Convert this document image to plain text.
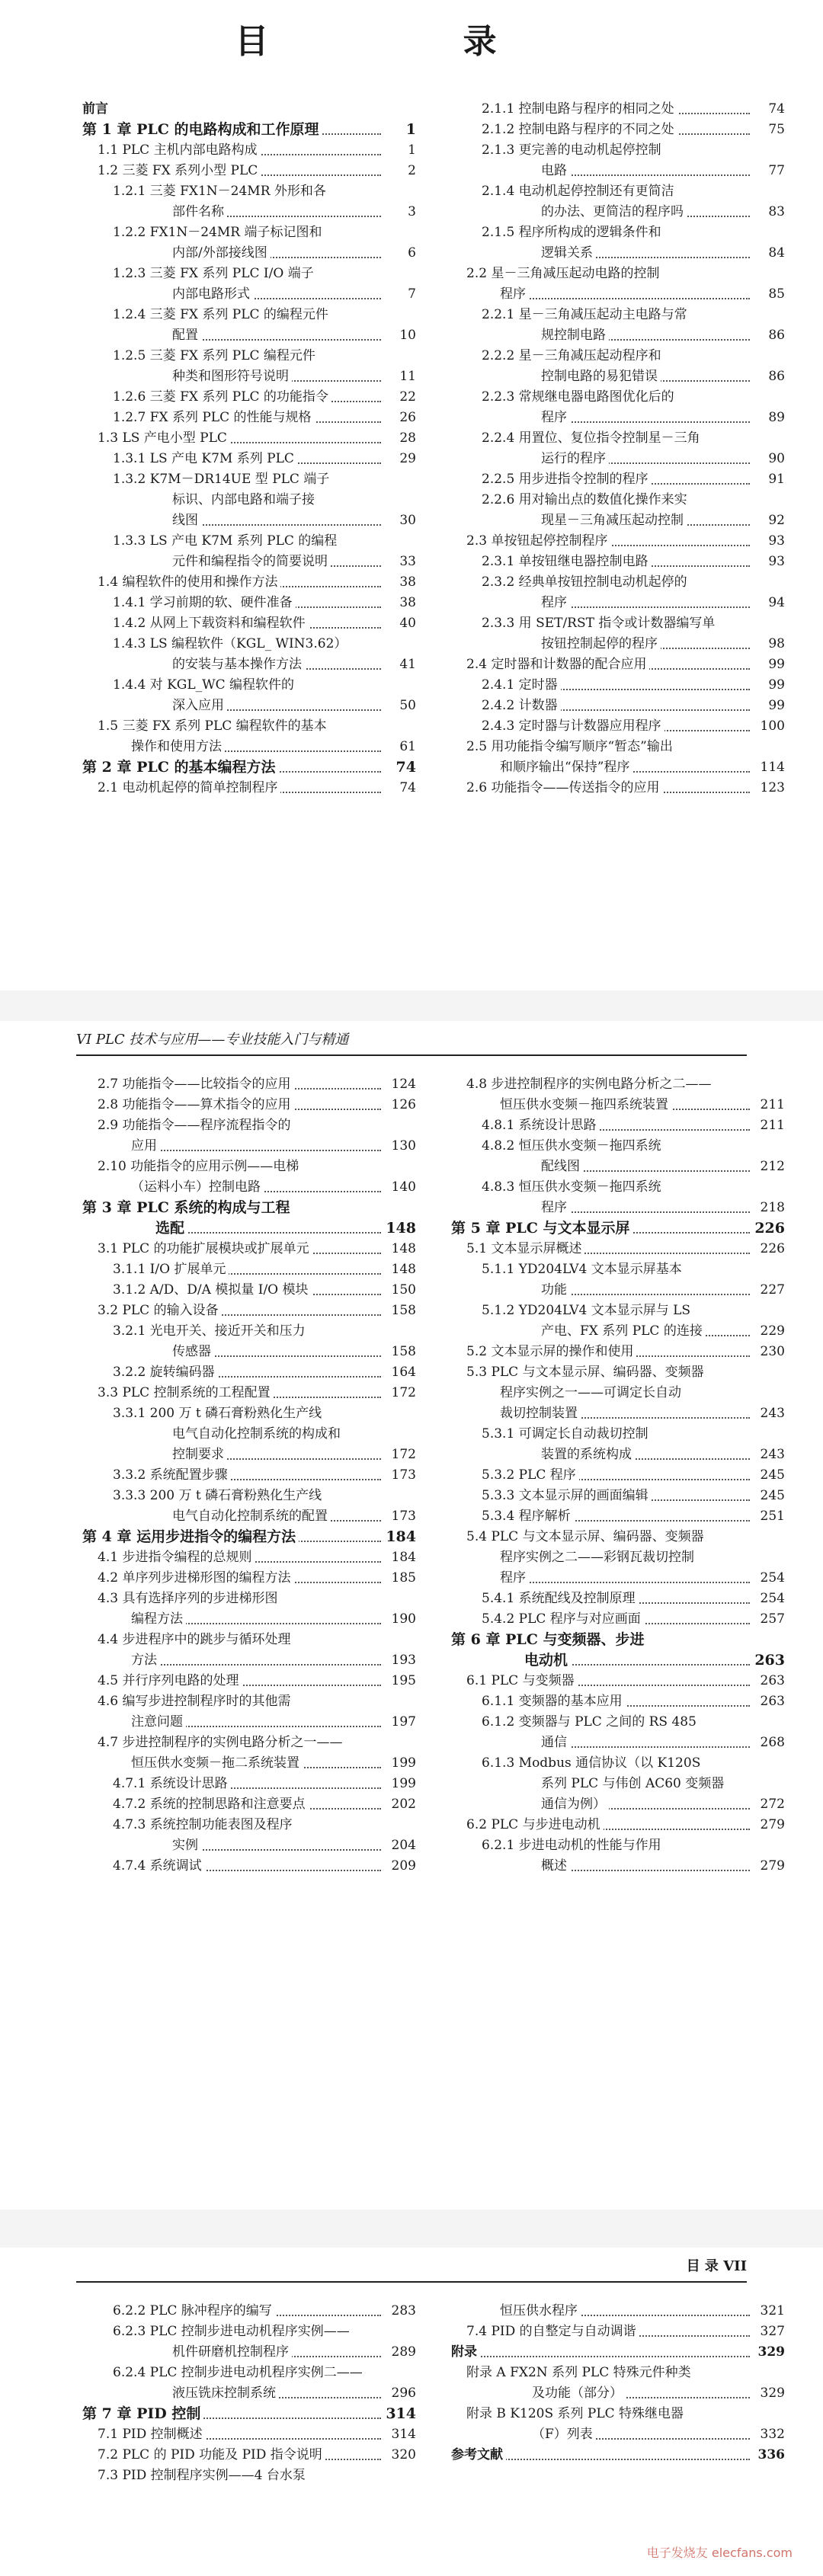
目 录
前言
第 1 章 PLC 的电路构成和工作原理	1
1.1 PLC 主机内部电路构成	1
1.2 三菱 FX 系列小型 PLC	2
1.2.1 三菱 FX1N－24MR 外形和各
部件名称	3
1.2.2 FX1N－24MR 端子标记图和
内部/外部接线图	6
1.2.3 三菱 FX 系列 PLC I/O 端子
内部电路形式	7
1.2.4 三菱 FX 系列 PLC 的编程元件
配置	10
1.2.5 三菱 FX 系列 PLC 编程元件
种类和图形符号说明	11
1.2.6 三菱 FX 系列 PLC 的功能指令	22
1.2.7 FX 系列 PLC 的性能与规格	26
1.3 LS 产电小型 PLC	28
1.3.1 LS 产电 K7M 系列 PLC	29
1.3.2 K7M－DR14UE 型 PLC 端子
标识、内部电路和端子接
线图	30
1.3.3 LS 产电 K7M 系列 PLC 的编程
元件和编程指令的简要说明	33
1.4 编程软件的使用和操作方法	38
1.4.1 学习前期的软、硬件准备	38
1.4.2 从网上下载资料和编程软件	40
1.4.3 LS 编程软件（KGL_ WIN3.62）
的安装与基本操作方法	41
1.4.4 对 KGL_WC 编程软件的
深入应用	50
1.5 三菱 FX 系列 PLC 编程软件的基本
操作和使用方法	61
第 2 章 PLC 的基本编程方法	74
2.1 电动机起停的简单控制程序	74
2.1.1 控制电路与程序的相同之处	74
2.1.2 控制电路与程序的不同之处	75
2.1.3 更完善的电动机起停控制
电路	77
2.1.4 电动机起停控制还有更简洁
的办法、更简洁的程序吗	83
2.1.5 程序所构成的逻辑条件和
逻辑关系	84
2.2 星－三角减压起动电路的控制
程序	85
2.2.1 星－三角减压起动主电路与常
规控制电路	86
2.2.2 星－三角减压起动程序和
控制电路的易犯错误	86
2.2.3 常规继电器电路图优化后的
程序	89
2.2.4 用置位、复位指令控制星－三角
运行的程序	90
2.2.5 用步进指令控制的程序	91
2.2.6 用对输出点的数值化操作来实
现星－三角减压起动控制	92
2.3 单按钮起停控制程序	93
2.3.1 单按钮继电器控制电路	93
2.3.2 经典单按钮控制电动机起停的
程序	94
2.3.3 用 SET/RST 指令或计数器编写单
按钮控制起停的程序	98
2.4 定时器和计数器的配合应用	99
2.4.1 定时器	99
2.4.2 计数器	99
2.4.3 定时器与计数器应用程序	100
2.5 用功能指令编写顺序“暂态”输出
和顺序输出“保持”程序	114
2.6 功能指令——传送指令的应用	123
VI PLC 技术与应用——专业技能入门与精通
2.7 功能指令——比较指令的应用	124
2.8 功能指令——算术指令的应用	126
2.9 功能指令——程序流程指令的
应用	130
2.10 功能指令的应用示例——电梯
（运料小车）控制电路	140
第 3 章 PLC 系统的构成与工程
选配	148
3.1 PLC 的功能扩展模块或扩展单元	148
3.1.1 I/O 扩展单元	148
3.1.2 A/D、D/A 模拟量 I/O 模块	150
3.2 PLC 的输入设备	158
3.2.1 光电开关、接近开关和压力
传感器	158
3.2.2 旋转编码器	164
3.3 PLC 控制系统的工程配置	172
3.3.1 200 万 t 磷石膏粉熟化生产线
电气自动化控制系统的构成和
控制要求	172
3.3.2 系统配置步骤	173
3.3.3 200 万 t 磷石膏粉熟化生产线
电气自动化控制系统的配置	173
第 4 章 运用步进指令的编程方法	184
4.1 步进指令编程的总规则	184
4.2 单序列步进梯形图的编程方法	185
4.3 具有选择序列的步进梯形图
编程方法	190
4.4 步进程序中的跳步与循环处理
方法	193
4.5 并行序列电路的处理	195
4.6 编写步进控制程序时的其他需
注意问题	197
4.7 步进控制程序的实例电路分析之一——
恒压供水变频－拖二系统装置	199
4.7.1 系统设计思路	199
4.7.2 系统的控制思路和注意要点	202
4.7.3 系统控制功能表图及程序
实例	204
4.7.4 系统调试	209
4.8 步进控制程序的实例电路分析之二——
恒压供水变频－拖四系统装置	211
4.8.1 系统设计思路	211
4.8.2 恒压供水变频－拖四系统
配线图	212
4.8.3 恒压供水变频－拖四系统
程序	218
第 5 章 PLC 与文本显示屏	226
5.1 文本显示屏概述	226
5.1.1 YD204LV4 文本显示屏基本
功能	227
5.1.2 YD204LV4 文本显示屏与 LS
产电、FX 系列 PLC 的连接	229
5.2 文本显示屏的操作和使用	230
5.3 PLC 与文本显示屏、编码器、变频器
程序实例之一——可调定长自动
裁切控制装置	243
5.3.1 可调定长自动裁切控制
装置的系统构成	243
5.3.2 PLC 程序	245
5.3.3 文本显示屏的画面编辑	245
5.3.4 程序解析	251
5.4 PLC 与文本显示屏、编码器、变频器
程序实例之二——彩钢瓦裁切控制
程序	254
5.4.1 系统配线及控制原理	254
5.4.2 PLC 程序与对应画面	257
第 6 章 PLC 与变频器、步进
电动机	263
6.1 PLC 与变频器	263
6.1.1 变频器的基本应用	263
6.1.2 变频器与 PLC 之间的 RS 485
通信	268
6.1.3 Modbus 通信协议（以 K120S
系列 PLC 与伟创 AC60 变频器
通信为例）	272
6.2 PLC 与步进电动机	279
6.2.1 步进电动机的性能与作用
概述	279
目 录 VII
6.2.2 PLC 脉冲程序的编写	283
6.2.3 PLC 控制步进电动机程序实例——
机件研磨机控制程序	289
6.2.4 PLC 控制步进电动机程序实例二——
液压铣床控制系统	296
第 7 章 PID 控制	314
7.1 PID 控制概述	314
7.2 PLC 的 PID 功能及 PID 指令说明	320
7.3 PID 控制程序实例——4 台水泵
恒压供水程序	321
7.4 PID 的自整定与自动调谐	327
附录	329
附录 A FX2N 系列 PLC 特殊元件种类
及功能（部分）	329
附录 B K120S 系列 PLC 特殊继电器
（F）列表	332
参考文献	336
电子发烧友 elecfans.com
